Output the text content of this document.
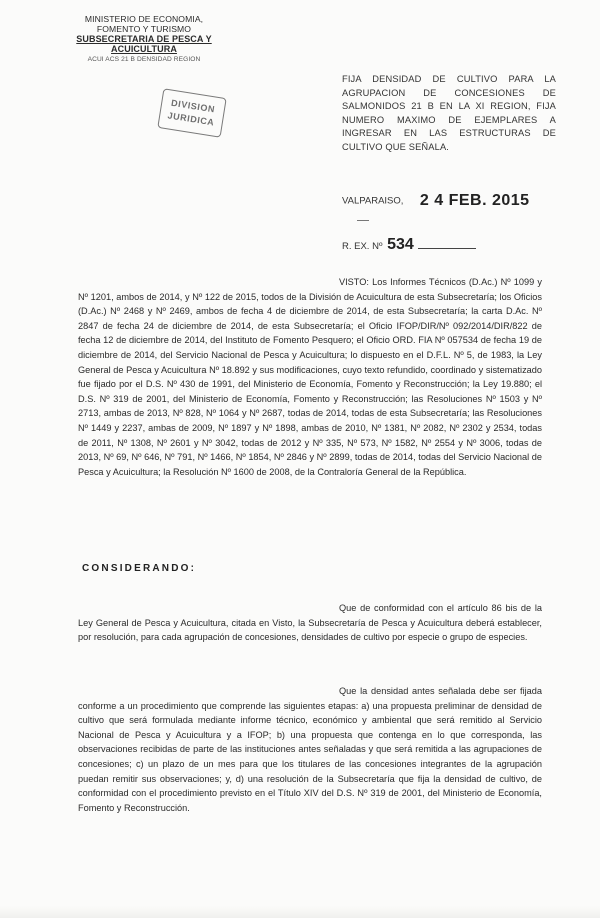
MINISTERIO DE ECONOMIA,
FOMENTO Y TURISMO
SUBSECRETARIA DE PESCA Y ACUICULTURA
ACUI ACS 21 B DENSIDAD REGION
DIVISION
JURIDICA
FIJA DENSIDAD DE CULTIVO PARA LA AGRUPACION DE CONCESIONES DE SALMONIDOS 21 B EN LA XI REGION, FIJA NUMERO MAXIMO DE EJEMPLARES A INGRESAR EN LAS ESTRUCTURAS DE CULTIVO QUE SEÑALA.
VALPARAISO, 2 4 FEB. 2015
R. EX. Nº 534

VISTO: Los Informes Técnicos (D.Ac.) Nº 1099 y Nº 1201, ambos de 2014, y Nº 122 de 2015, todos de la División de Acuicultura de esta Subsecretaría; los Oficios (D.Ac.) Nº 2468 y Nº 2469, ambos de fecha 4 de diciembre de 2014, de esta Subsecretaría; la carta D.Ac. Nº 2847 de fecha 24 de diciembre de 2014, de esta Subsecretaría; el Oficio IFOP/DIR/Nº 092/2014/DIR/822 de fecha 12 de diciembre de 2014, del Instituto de Fomento Pesquero; el Oficio ORD. FIA Nº 057534 de fecha 19 de diciembre de 2014, del Servicio Nacional de Pesca y Acuicultura; lo dispuesto en el D.F.L. Nº 5, de 1983, la Ley General de Pesca y Acuicultura Nº 18.892 y sus modificaciones, cuyo texto refundido, coordinado y sistematizado fue fijado por el D.S. Nº 430 de 1991, del Ministerio de Economía, Fomento y Reconstrucción; la Ley 19.880; el D.S. Nº 319 de 2001, del Ministerio de Economía, Fomento y Reconstrucción; las Resoluciones Nº 1503 y Nº 2713, ambas de 2013, Nº 828, Nº 1064 y Nº 2687, todas de 2014, todas de esta Subsecretaría; las Resoluciones Nº 1449 y 2237, ambas de 2009, Nº 1897 y Nº 1898, ambas de 2010, Nº 1381, Nº 2082, Nº 2302 y 2534, todas de 2011, Nº 1308, Nº 2601 y Nº 3042, todas de 2012 y Nº 335, Nº 573, Nº 1582, Nº 2554 y Nº 3006, todas de 2013, Nº 69, Nº 646, Nº 791, Nº 1466, Nº 1854, Nº 2846 y Nº 2899, todas de 2014, todas del Servicio Nacional de Pesca y Acuicultura; la Resolución Nº 1600 de 2008, de la Contraloría General de la República.

CONSIDERANDO:

Que de conformidad con el artículo 86 bis de la Ley General de Pesca y Acuicultura, citada en Visto, la Subsecretaría de Pesca y Acuicultura deberá establecer, por resolución, para cada agrupación de concesiones, densidades de cultivo por especie o grupo de especies.

Que la densidad antes señalada debe ser fijada conforme a un procedimiento que comprende las siguientes etapas: a) una propuesta preliminar de densidad de cultivo que será formulada mediante informe técnico, económico y ambiental que será remitido al Servicio Nacional de Pesca y Acuicultura y a IFOP; b) una propuesta que contenga en lo que corresponda, las observaciones recibidas de parte de las instituciones antes señaladas y que será remitida a las agrupaciones de concesiones; c) un plazo de un mes para que los titulares de las concesiones integrantes de la agrupación puedan remitir sus observaciones; y, d) una resolución de la Subsecretaría que fija la densidad de cultivo, de conformidad con el procedimiento previsto en el Título XIV del D.S. Nº 319 de 2001, del Ministerio de Economía, Fomento y Reconstrucción.
